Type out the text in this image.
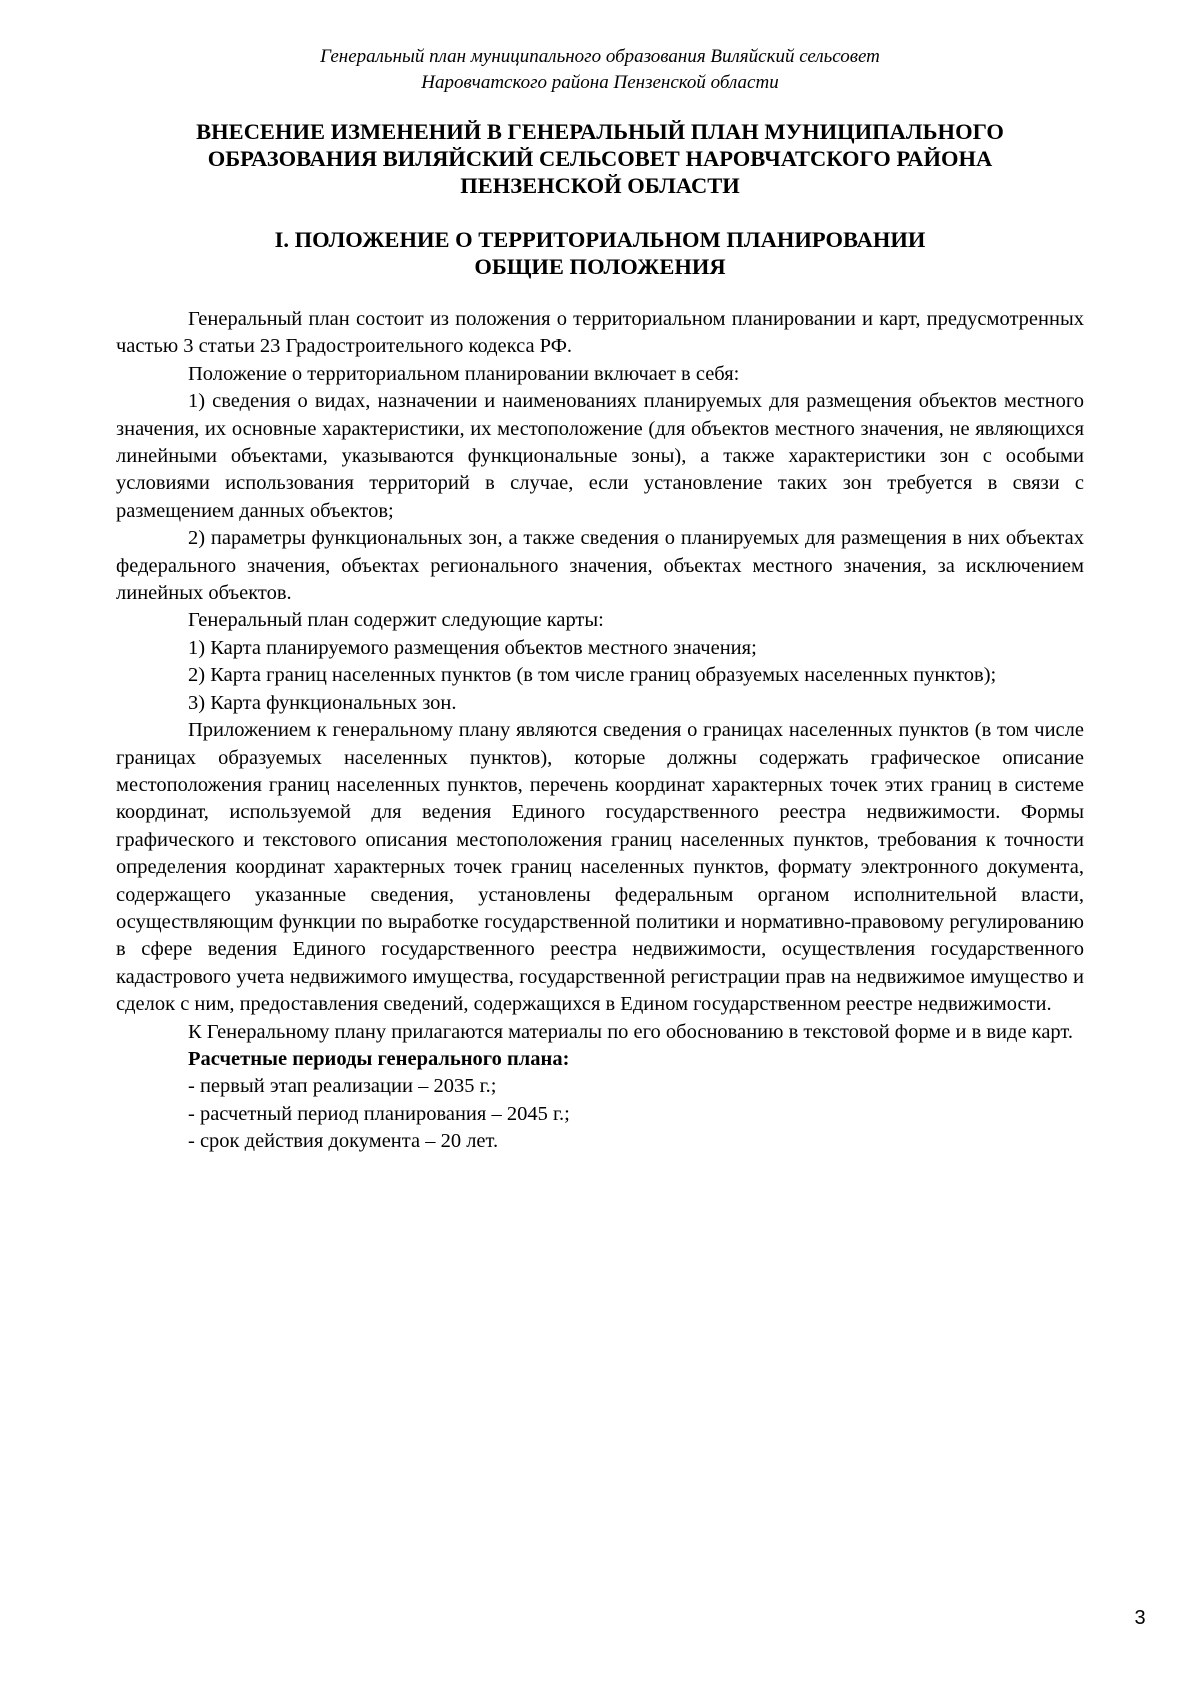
Генеральный план муниципального образования Виляйский сельсовет
Наровчатского района Пензенской области
ВНЕСЕНИЕ ИЗМЕНЕНИЙ В ГЕНЕРАЛЬНЫЙ ПЛАН МУНИЦИПАЛЬНОГО
ОБРАЗОВАНИЯ ВИЛЯЙСКИЙ СЕЛЬСОВЕТ НАРОВЧАТСКОГО РАЙОНА
ПЕНЗЕНСКОЙ ОБЛАСТИ
I. ПОЛОЖЕНИЕ О ТЕРРИТОРИАЛЬНОМ ПЛАНИРОВАНИИ
ОБЩИЕ ПОЛОЖЕНИЯ

Генеральный план состоит из положения о территориальном планировании и карт, предусмотренных частью 3 статьи 23 Градостроительного кодекса РФ.

Положение о территориальном планировании включает в себя:

1) сведения о видах, назначении и наименованиях планируемых для размещения объектов местного значения, их основные характеристики, их местоположение (для объектов местного значения, не являющихся линейными объектами, указываются функциональные зоны), а также характеристики зон с особыми условиями использования территорий в случае, если установление таких зон требуется в связи с размещением данных объектов;

2) параметры функциональных зон, а также сведения о планируемых для размещения в них объектах федерального значения, объектах регионального значения, объектах местного значения, за исключением линейных объектов.

Генеральный план содержит следующие карты:

1) Карта планируемого размещения объектов местного значения;

2) Карта границ населенных пунктов (в том числе границ образуемых населенных пунктов);

3) Карта функциональных зон.

Приложением к генеральному плану являются сведения о границах населенных пунктов (в том числе границах образуемых населенных пунктов), которые должны содержать графическое описание местоположения границ населенных пунктов, перечень координат характерных точек этих границ в системе координат, используемой для ведения Единого государственного реестра недвижимости. Формы графического и текстового описания местоположения границ населенных пунктов, требования к точности определения координат характерных точек границ населенных пунктов, формату электронного документа, содержащего указанные сведения, установлены федеральным органом исполнительной власти, осуществляющим функции по выработке государственной политики и нормативно-правовому регулированию в сфере ведения Единого государственного реестра недвижимости, осуществления государственного кадастрового учета недвижимого имущества, государственной регистрации прав на недвижимое имущество и сделок с ним, предоставления сведений, содержащихся в Едином государственном реестре недвижимости.

К Генеральному плану прилагаются материалы по его обоснованию в текстовой форме и в виде карт.

Расчетные периоды генерального плана:

- первый этап реализации – 2035 г.;

- расчетный период планирования – 2045 г.;

- срок действия документа – 20 лет.

3
